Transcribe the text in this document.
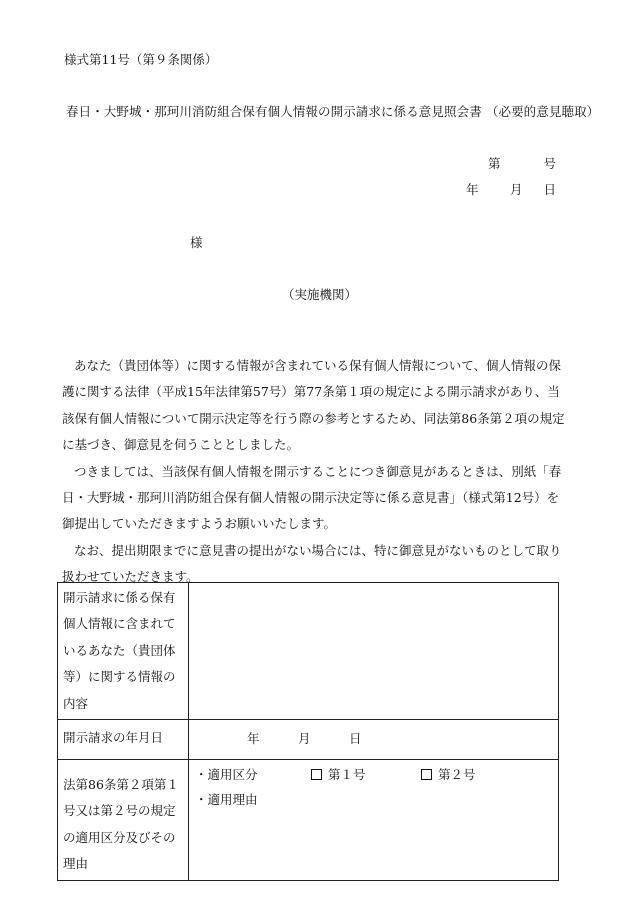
様式第11号（第９条関係）
春日・大野城・那珂川消防組合保有個人情報の開示請求に係る意見照会書 （必要的意見聴取）
第	号
年	月 日
様
（実施機関）

あなた（貴団体等）に関する情報が含まれている保有個人情報について、個人情報の保護に関する法律（平成15年法律第57号）第77条第１項の規定による開示請求があり、当該保有個人情報について開示決定等を行う際の参考とするため、同法第86条第２項の規定に基づき、御意見を伺うこととしました。

つきましては、当該保有個人情報を開示することにつき御意見があるときは、別紙「春日・大野城・那珂川消防組合保有個人情報の開示決定等に係る意見書」（様式第12号）を御提出していただきますようお願いいたします。

なお、提出期限までに意見書の提出がない場合には、特に御意見がないものとして取り扱わせていただきます。

開示請求に係る保有個人情報に含まれているあなた（貴団体等）に関する情報の内容	
開示請求の年月日	年 月 日

法第86条第２項第１号又は第２号の規定の適用区分及びその理由	・適用区分 第１号 第２号
・適用理由
